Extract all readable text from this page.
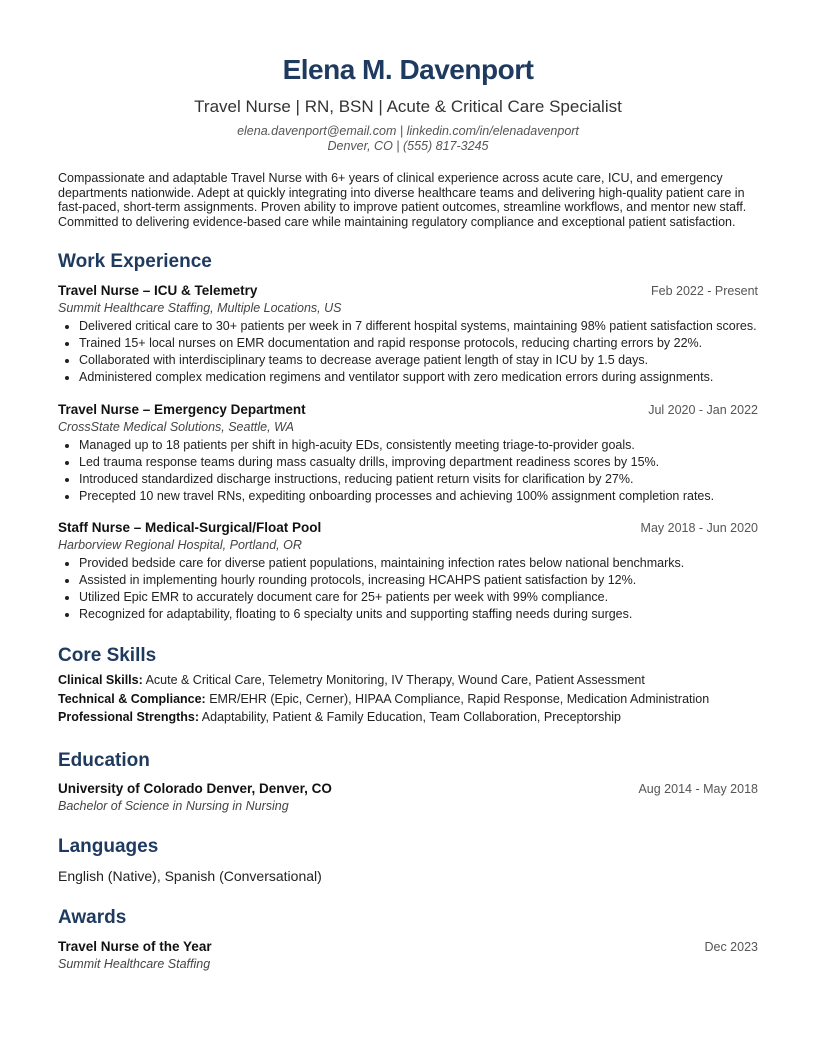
Elena M. Davenport
Travel Nurse | RN, BSN | Acute & Critical Care Specialist
elena.davenport@email.com | linkedin.com/in/elenadavenport
Denver, CO | (555) 817-3245
Compassionate and adaptable Travel Nurse with 6+ years of clinical experience across acute care, ICU, and emergency departments nationwide. Adept at quickly integrating into diverse healthcare teams and delivering high-quality patient care in fast-paced, short-term assignments. Proven ability to improve patient outcomes, streamline workflows, and mentor new staff. Committed to delivering evidence-based care while maintaining regulatory compliance and exceptional patient satisfaction.
Work Experience
Travel Nurse – ICU & Telemetry	Feb 2022 - Present
Summit Healthcare Staffing, Multiple Locations, US
• Delivered critical care to 30+ patients per week in 7 different hospital systems, maintaining 98% patient satisfaction scores.
• Trained 15+ local nurses on EMR documentation and rapid response protocols, reducing charting errors by 22%.
• Collaborated with interdisciplinary teams to decrease average patient length of stay in ICU by 1.5 days.
• Administered complex medication regimens and ventilator support with zero medication errors during assignments.
Travel Nurse – Emergency Department	Jul 2020 - Jan 2022
CrossState Medical Solutions, Seattle, WA
• Managed up to 18 patients per shift in high-acuity EDs, consistently meeting triage-to-provider goals.
• Led trauma response teams during mass casualty drills, improving department readiness scores by 15%.
• Introduced standardized discharge instructions, reducing patient return visits for clarification by 27%.
• Precepted 10 new travel RNs, expediting onboarding processes and achieving 100% assignment completion rates.
Staff Nurse – Medical-Surgical/Float Pool	May 2018 - Jun 2020
Harborview Regional Hospital, Portland, OR
• Provided bedside care for diverse patient populations, maintaining infection rates below national benchmarks.
• Assisted in implementing hourly rounding protocols, increasing HCAHPS patient satisfaction by 12%.
• Utilized Epic EMR to accurately document care for 25+ patients per week with 99% compliance.
• Recognized for adaptability, floating to 6 specialty units and supporting staffing needs during surges.
Core Skills
Clinical Skills: Acute & Critical Care, Telemetry Monitoring, IV Therapy, Wound Care, Patient Assessment
Technical & Compliance: EMR/EHR (Epic, Cerner), HIPAA Compliance, Rapid Response, Medication Administration
Professional Strengths: Adaptability, Patient & Family Education, Team Collaboration, Preceptorship
Education
University of Colorado Denver, Denver, CO	Aug 2014 - May 2018
Bachelor of Science in Nursing in Nursing
Languages
English (Native), Spanish (Conversational)
Awards
Travel Nurse of the Year	Dec 2023
Summit Healthcare Staffing
